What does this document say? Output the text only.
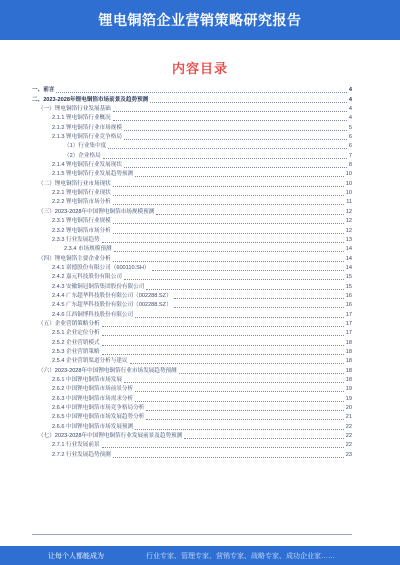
锂电铜箔企业营销策略研究报告
内容目录
一、前言	4
二、2023-2028年锂电铜箔市场前景及趋势预测	4
（一）锂电铜箔行业发展基础	4
2.1.1 锂电铜箔行业概况	4
2.1.2 锂电铜箔行业市场规模	5
2.1.3 锂电铜箔行业竞争格局	6
（1）行业集中度	6
（2）企业格局	7
2.1.4 锂电铜箔行业发展现状	8
2.1.5 锂电铜箔行业发展趋势预测	10
（二）锂电铜箔行业市场现状	10
2.2.1 锂电铜箔行业现状	10
2.2.2 锂电铜箔市场分析	11
（三）2023-2028年中国锂电铜箔市场规模预测	12
2.3.1 锂电铜箔行业规模	12
2.3.2 锂电铜箔市场分析	12
2.3.3 行业发展趋势	13
2.3.4 市场规模预测	14
（四）锂电铜箔主要企业分析	14
2.4.1 诺德股份有限公司（600110.SH）	14
2.4.2 嘉元科技股份有限公司	15
2.4.3 安徽铜冠铜箔集团股份有限公司	15
2.4.4 广东超华科技股份有限公司（002288.SZ）	16
2.4.5 广东超华科技股份有限公司（002288.SZ）	16
2.4.6 江西铜博科技股份有限公司	17
（五）企业营销策略分析	17
2.5.1 企业定位分析	17
2.5.2 企业营销模式	18
2.5.3 企业营销策略	18
2.5.4 企业营销渠道分析与建议	18
（六）2023-2028年中国锂电铜箔行业市场发展趋势预测	18
2.6.1 中国锂电铜箔市场发展	18
2.6.2 中国锂电铜箔市场前景分析	19
2.6.3 中国锂电铜箔市场需求分析	19
2.6.4 中国锂电铜箔市场竞争格局分析	20
2.6.5 中国锂电铜箔市场发展趋势分析	21
2.6.6 中国锂电铜箔市场发展预测	22
（七）2023-2028年中国锂电铜箔行业发展前景及趋势预测	22
2.7.1 行业发展前景	22
2.7.2 行业发展趋势预测	23
让每个人都能成为	行业专家、管理专家、营销专家、战略专家、成功企业家……
